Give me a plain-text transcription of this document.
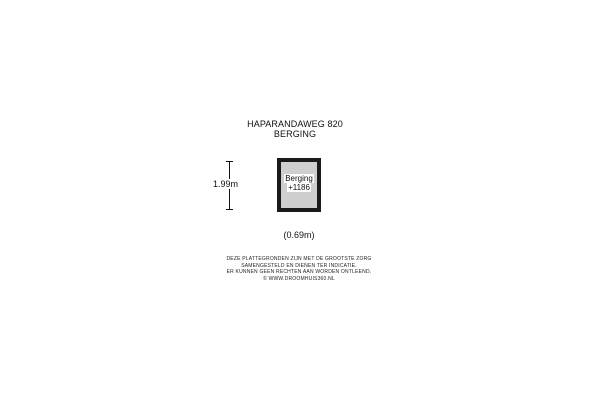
HAPARANDAWEG 820
BERGING
1.99m
Berging
+1186
(0.69m)
DEZE PLATTEGRONDEN ZIJN MET DE GROOTSTE ZORG
SAMENGESTELD EN DIENEN TER INDICATIE.
ER KUNNEN GEEN RECHTEN AAN WORDEN ONTLEEND.
© WWW.DROOMHUIS360.NL
